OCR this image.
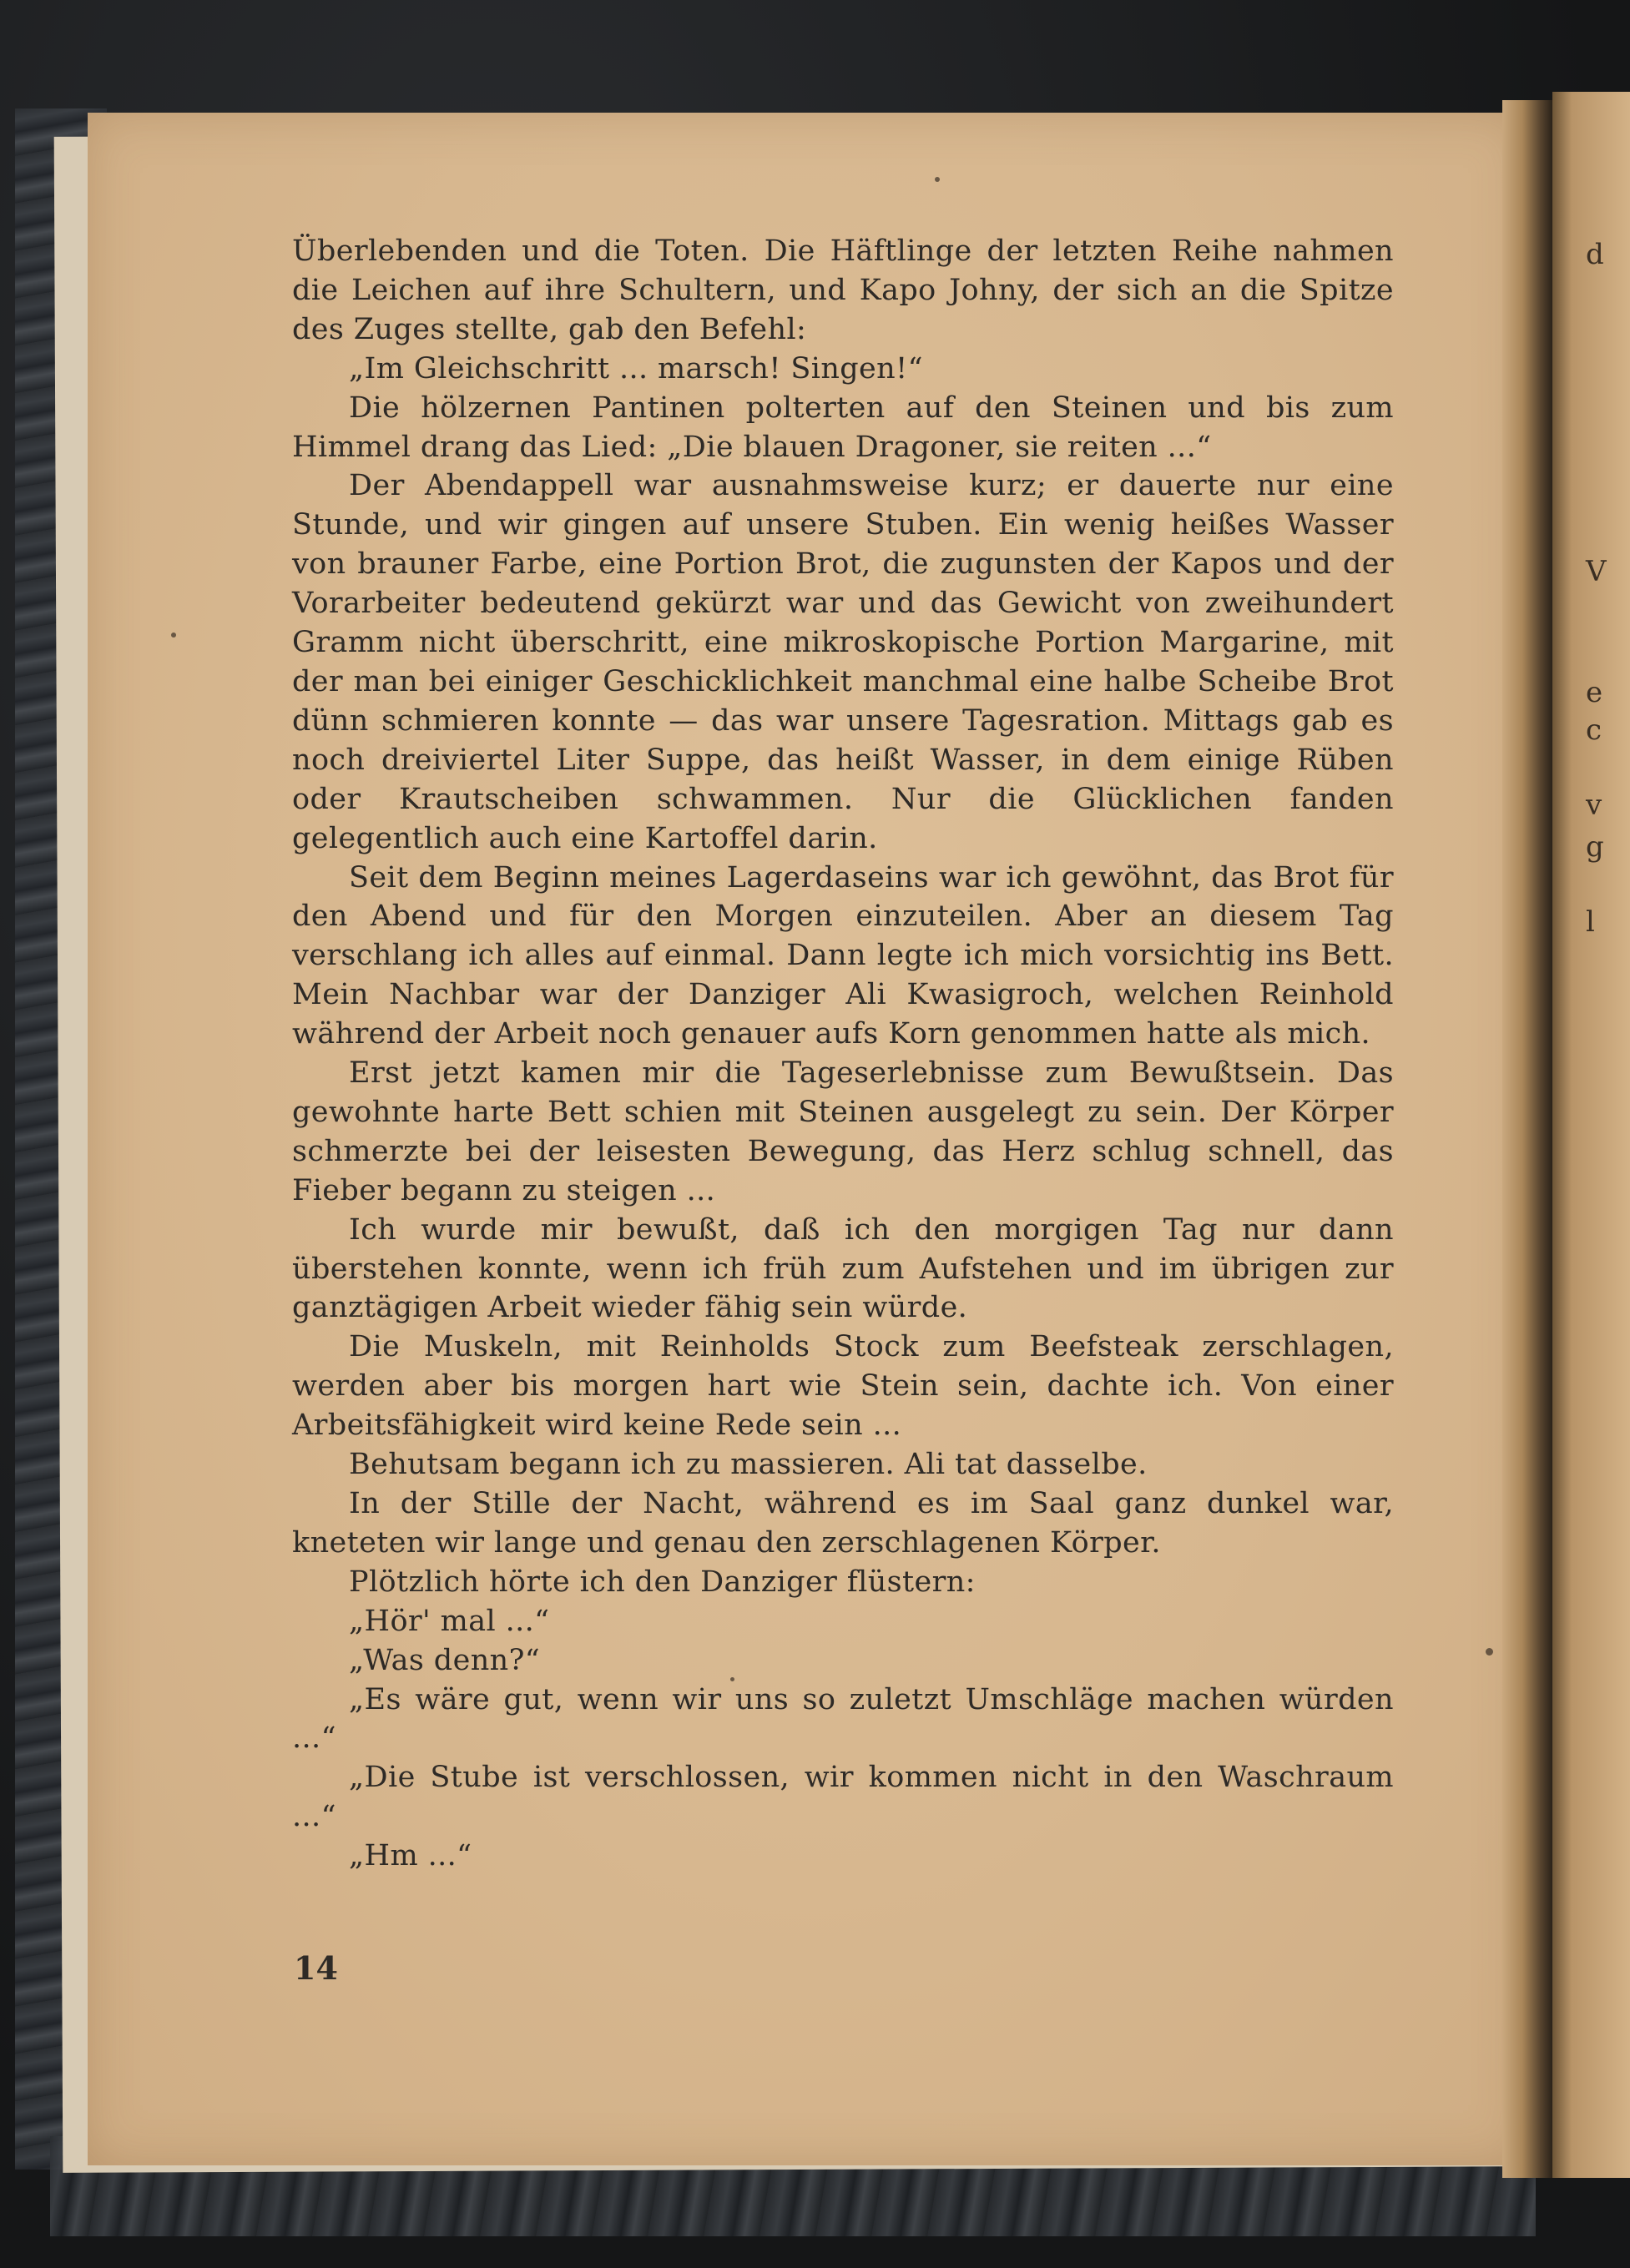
d
V
e
c
v
g
l

Überlebenden und die Toten. Die Häftlinge der letzten Reihe nahmen die Leichen auf ihre Schultern, und Kapo Johny, der sich an die Spitze des Zuges stellte, gab den Befehl:

„Im Gleichschritt ... marsch! Singen!“

Die hölzernen Pantinen polterten auf den Steinen und bis zum Himmel drang das Lied: „Die blauen Dragoner, sie reiten ...“

Der Abendappell war ausnahmsweise kurz; er dauerte nur eine Stunde, und wir gingen auf unsere Stuben. Ein wenig heißes Wasser von brauner Farbe, eine Portion Brot, die zugunsten der Kapos und der Vorarbeiter bedeutend gekürzt war und das Gewicht von zweihundert Gramm nicht überschritt, eine mikroskopische Portion Margarine, mit der man bei einiger Geschicklichkeit manchmal eine halbe Scheibe Brot dünn schmieren konnte — das war unsere Tagesration. Mittags gab es noch dreiviertel Liter Suppe, das heißt Wasser, in dem einige Rüben oder Krautscheiben schwammen. Nur die Glücklichen fanden gelegentlich auch eine Kartoffel darin.

Seit dem Beginn meines Lagerdaseins war ich gewöhnt, das Brot für den Abend und für den Morgen einzuteilen. Aber an diesem Tag verschlang ich alles auf einmal. Dann legte ich mich vorsichtig ins Bett. Mein Nachbar war der Danziger Ali Kwasigroch, welchen Reinhold während der Arbeit noch genauer aufs Korn genommen hatte als mich.

Erst jetzt kamen mir die Tageserlebnisse zum Bewußtsein. Das gewohnte harte Bett schien mit Steinen ausgelegt zu sein. Der Körper schmerzte bei der leisesten Bewegung, das Herz schlug schnell, das Fieber begann zu steigen ...

Ich wurde mir bewußt, daß ich den morgigen Tag nur dann überstehen konnte, wenn ich früh zum Aufstehen und im übrigen zur ganztägigen Arbeit wieder fähig sein würde.

Die Muskeln, mit Reinholds Stock zum Beefsteak zerschlagen, werden aber bis morgen hart wie Stein sein, dachte ich. Von einer Arbeitsfähigkeit wird keine Rede sein ...

Behutsam begann ich zu massieren. Ali tat dasselbe.

In der Stille der Nacht, während es im Saal ganz dunkel war, kneteten wir lange und genau den zerschlagenen Körper.

Plötzlich hörte ich den Danziger flüstern:

„Hör' mal ...“

„Was denn?“

„Es wäre gut, wenn wir uns so zuletzt Umschläge machen würden ...“

„Die Stube ist verschlossen, wir kommen nicht in den Waschraum ...“

„Hm ...“

14
